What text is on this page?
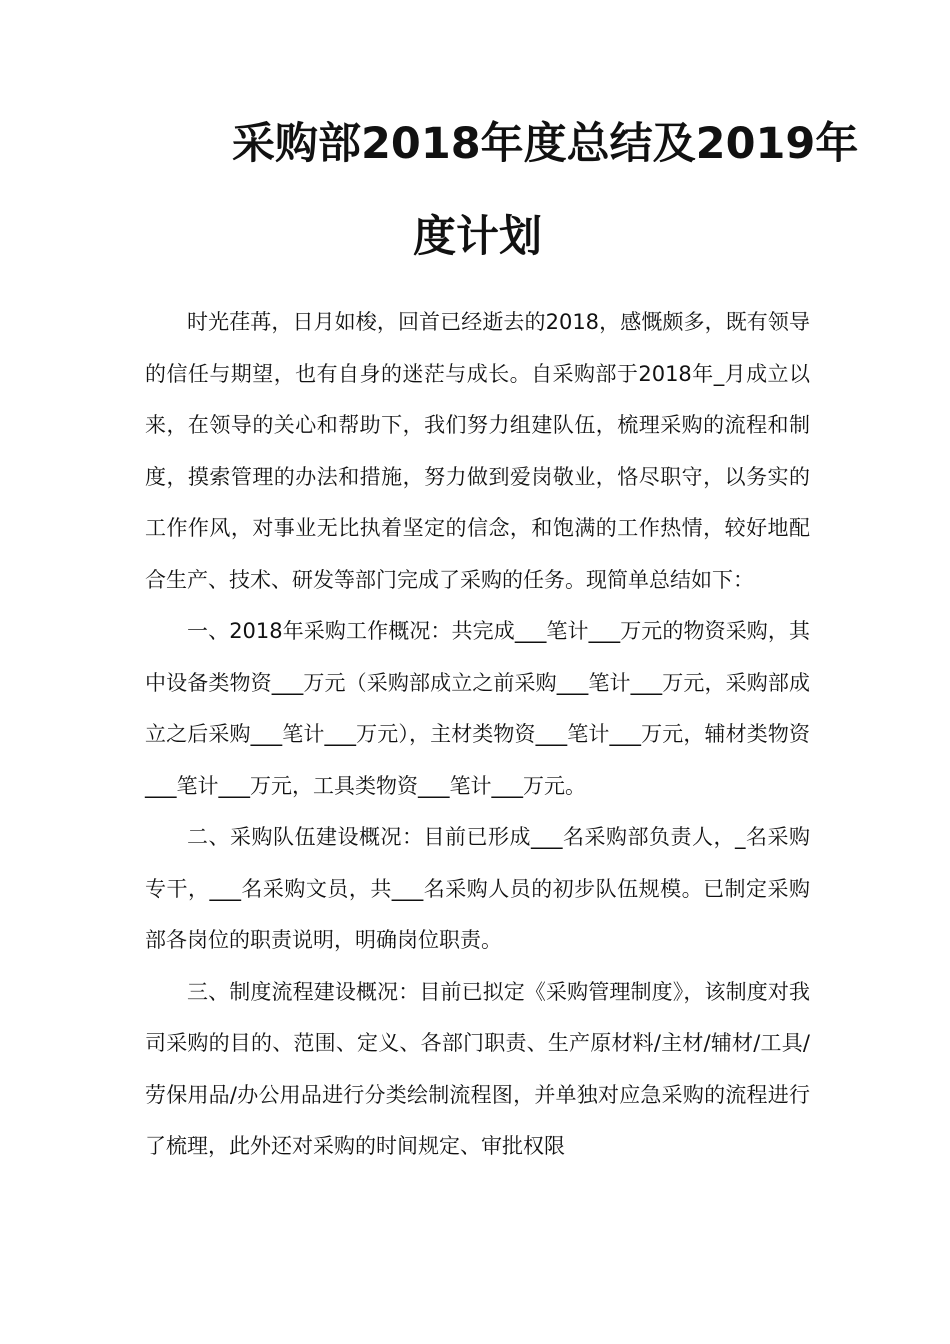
采购部2018年度总结及2019年
度计划

时光荏苒，日月如梭，回首已经逝去的2018，感慨颇多，既有领导的信任与期望，也有自身的迷茫与成长。自采购部于2018年_月成立以来，在领导的关心和帮助下，我们努力组建队伍，梳理采购的流程和制度，摸索管理的办法和措施，努力做到爱岗敬业，恪尽职守，以务实的工作作风，对事业无比执着坚定的信念，和饱满的工作热情，较好地配合生产、技术、研发等部门完成了采购的任务。现简单总结如下：

一、2018年采购工作概况：共完成___笔计___万元的物资采购，其中设备类物资___万元（采购部成立之前采购___笔计___万元，采购部成立之后采购___笔计___万元），主材类物资___笔计___万元，辅材类物资___笔计___万元，工具类物资___笔计___万元。

二、采购队伍建设概况：目前已形成___名采购部负责人，_名采购专干，___名采购文员，共___名采购人员的初步队伍规模。已制定采购部各岗位的职责说明，明确岗位职责。

三、制度流程建设概况：目前已拟定《采购管理制度》，该制度对我司采购的目的、范围、定义、各部门职责、生产原材料/主材/辅材/工具/劳保用品/办公用品进行分类绘制流程图，并单独对应急采购的流程进行了梳理，此外还对采购的时间规定、审批权限
